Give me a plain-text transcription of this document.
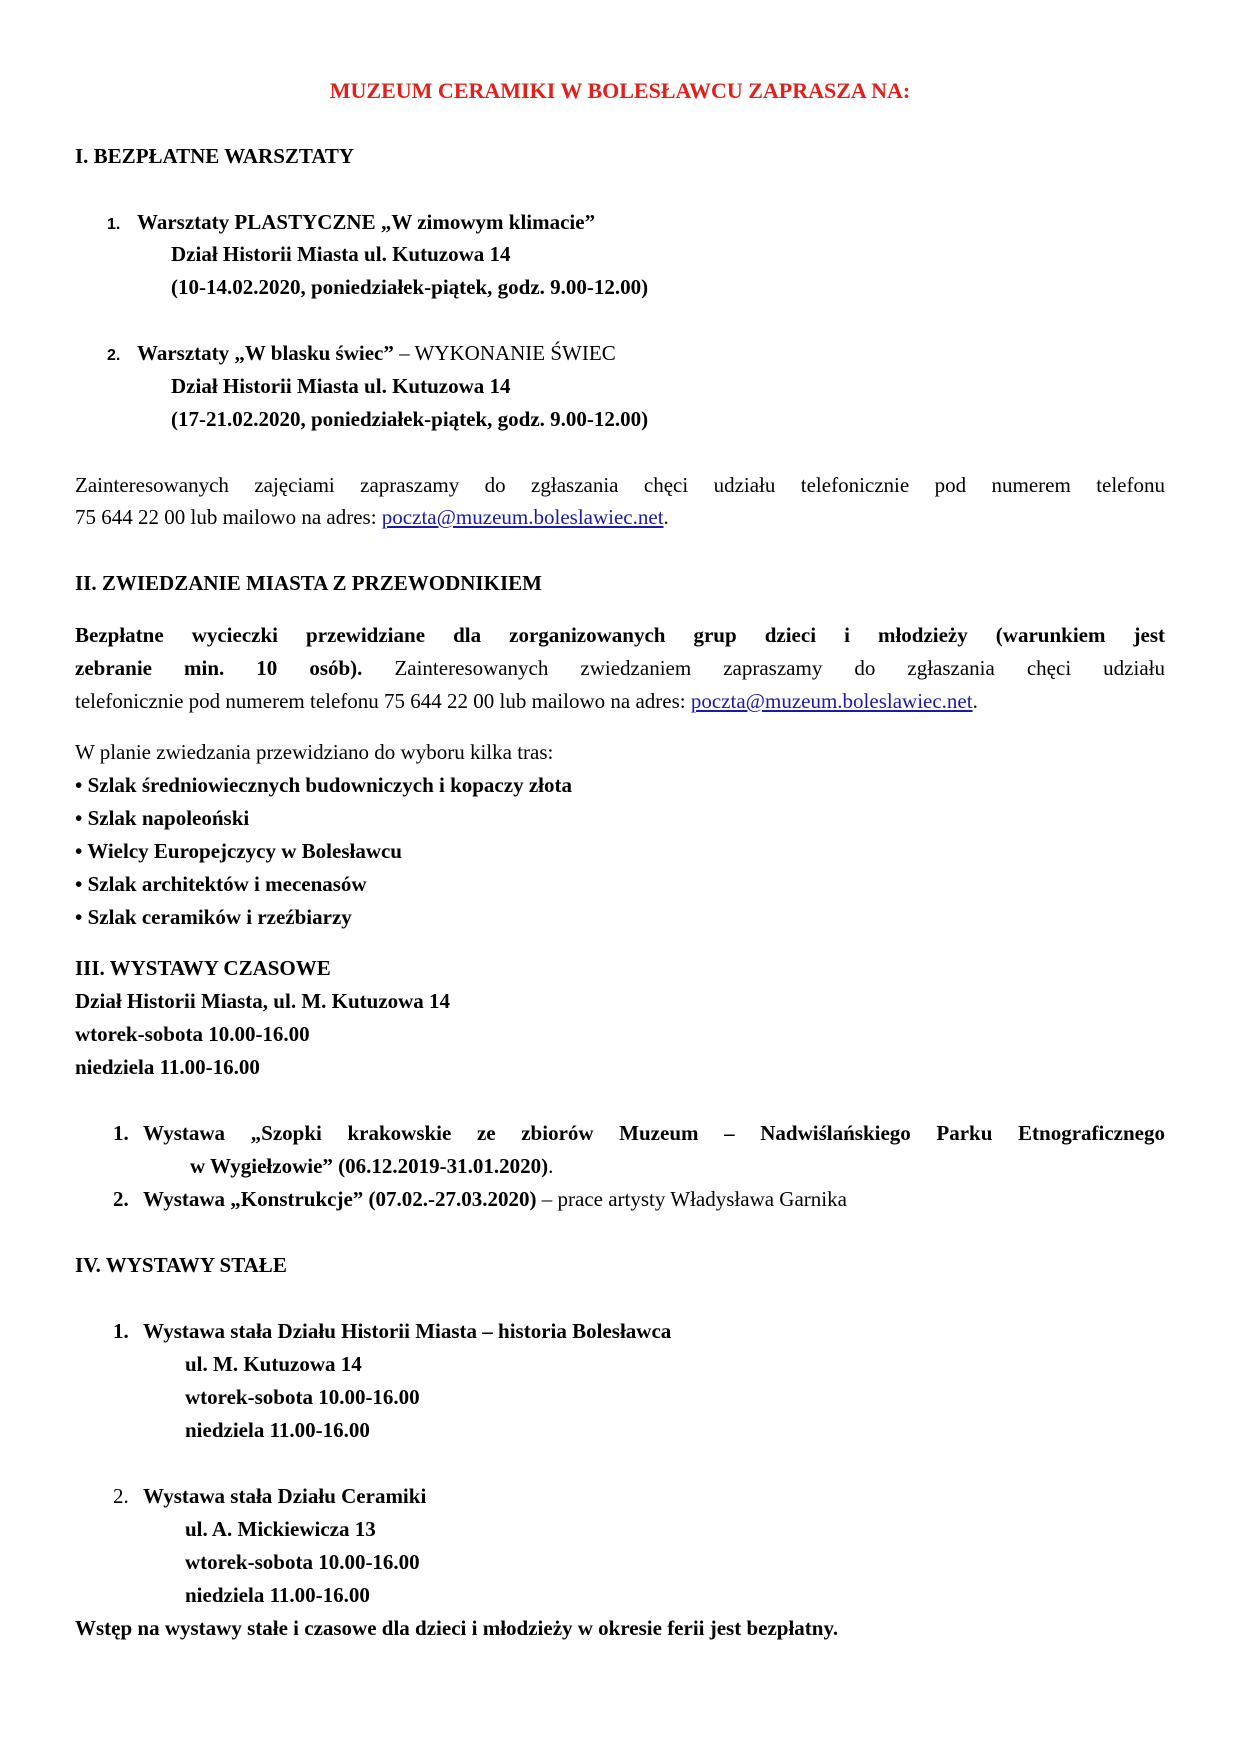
MUZEUM CERAMIKI W BOLESŁAWCU ZAPRASZA NA:
I. BEZPŁATNE WARSZTATY
1. Warsztaty PLASTYCZNE „W zimowym klimacie”
Dział Historii Miasta ul. Kutuzowa 14
(10-14.02.2020, poniedziałek-piątek, godz. 9.00-12.00)
2. Warsztaty „W blasku świec” – WYKONANIE ŚWIEC
Dział Historii Miasta ul. Kutuzowa 14
(17-21.02.2020, poniedziałek-piątek, godz. 9.00-12.00)
Zainteresowanych zajęciami zapraszamy do zgłaszania chęci udziału telefonicznie pod numerem telefonu
75 644 22 00 lub mailowo na adres: poczta@muzeum.boleslawiec.net.
II. ZWIEDZANIE MIASTA Z PRZEWODNIKIEM
Bezpłatne wycieczki przewidziane dla zorganizowanych grup dzieci i młodzieży (warunkiem jest
zebranie min. 10 osób). Zainteresowanych zwiedzaniem zapraszamy do zgłaszania chęci udziału
telefonicznie pod numerem telefonu 75 644 22 00 lub mailowo na adres: poczta@muzeum.boleslawiec.net.
W planie zwiedzania przewidziano do wyboru kilka tras:
• Szlak średniowiecznych budowniczych i kopaczy złota
• Szlak napoleoński
• Wielcy Europejczycy w Bolesławcu
• Szlak architektów i mecenasów
• Szlak ceramików i rzeźbiarzy
III. WYSTAWY CZASOWE
Dział Historii Miasta, ul. M. Kutuzowa 14
wtorek-sobota 10.00-16.00
niedziela 11.00-16.00
1. Wystawa „Szopki krakowskie ze zbiorów Muzeum – Nadwiślańskiego Parku Etnograficznego
w Wygiełzowie” (06.12.2019-31.01.2020).
2. Wystawa „Konstrukcje” (07.02.-27.03.2020) – prace artysty Władysława Garnika
IV. WYSTAWY STAŁE
1. Wystawa stała Działu Historii Miasta – historia Bolesławca
ul. M. Kutuzowa 14
wtorek-sobota 10.00-16.00
niedziela 11.00-16.00
2. Wystawa stała Działu Ceramiki
ul. A. Mickiewicza 13
wtorek-sobota 10.00-16.00
niedziela 11.00-16.00
Wstęp na wystawy stałe i czasowe dla dzieci i młodzieży w okresie ferii jest bezpłatny.
